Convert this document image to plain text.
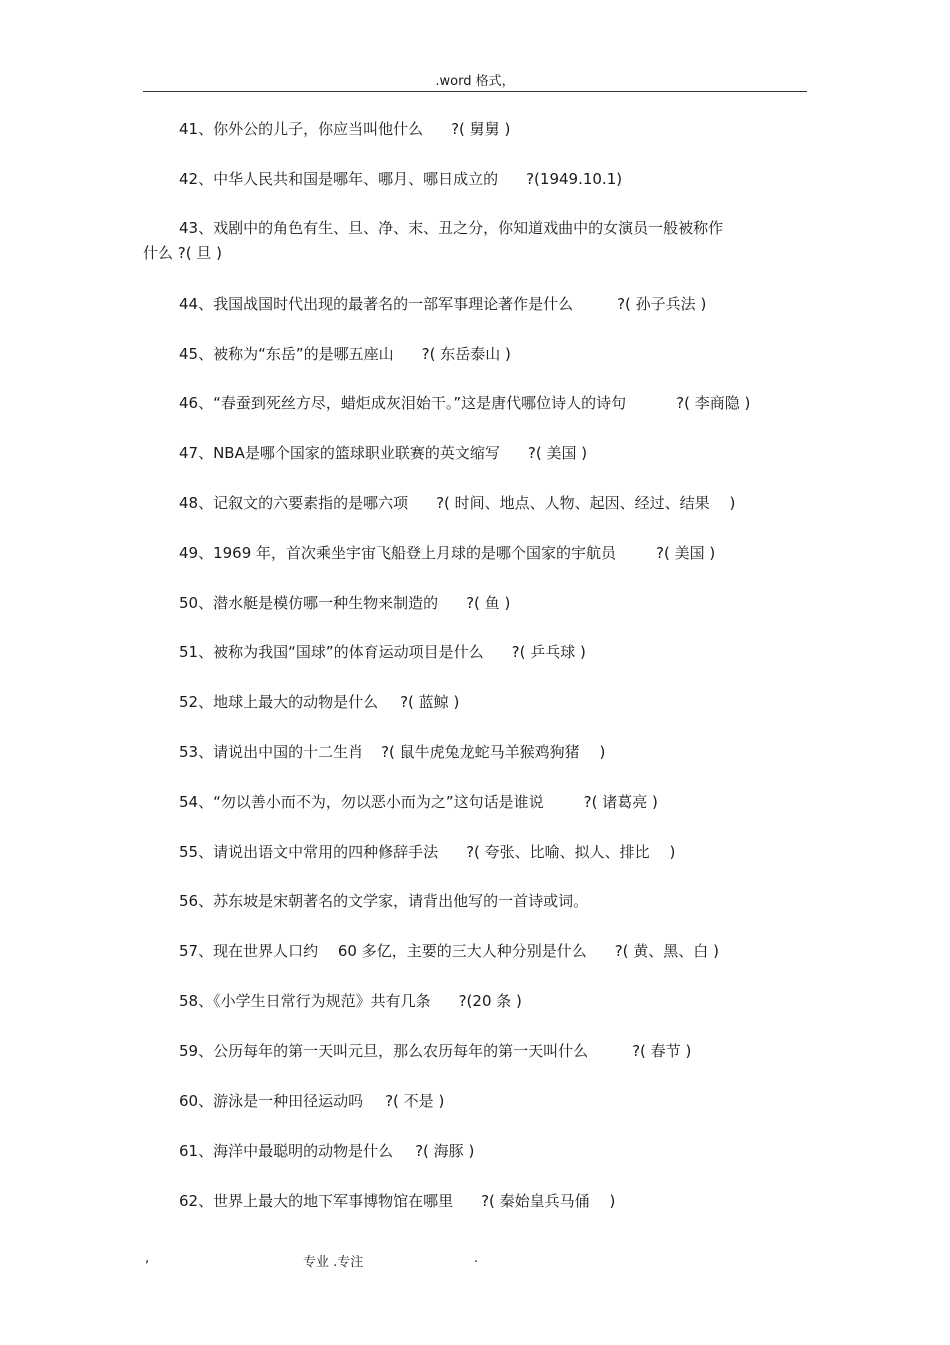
.word 格式，
41、你外公的儿子，你应当叫他什么 ?( 舅舅 )
42、中华人民共和国是哪年、哪月、哪日成立的 ?(1949.10.1)
43、戏剧中的角色有生、旦、净、末、丑之分，你知道戏曲中的女演员一般被称作
什么 ?( 旦 )
44、我国战国时代出现的最著名的一部军事理论著作是什么	?( 孙子兵法 )
45、被称为“东岳”的是哪五座山 ?( 东岳泰山 )
46、“春蚕到死丝方尽，蜡炬成灰泪始干。”这是唐代哪位诗人的诗句	?( 李商隐 )
47、NBA是哪个国家的篮球职业联赛的英文缩写 ?( 美国 )
48、记叙文的六要素指的是哪六项 ?( 时间、地点、人物、起因、经过、结果 　)
49、1969 年，首次乘坐宇宙飞船登上月球的是哪个国家的宇航员	?( 美国 )
50、潜水艇是模仿哪一种生物来制造的 ?( 鱼 )
51、被称为我国“国球”的体育运动项目是什么 ?( 乒乓球 )
52、地球上最大的动物是什么 ?( 蓝鲸 )
53、请说出中国的十二生肖 ?( 鼠牛虎兔龙蛇马羊猴鸡狗猪 　)
54、“勿以善小而不为，勿以恶小而为之”这句话是谁说	?( 诸葛亮 )
55、请说出语文中常用的四种修辞手法 ?( 夸张、比喻、拟人、排比 　)
56、苏东坡是宋朝著名的文学家，请背出他写的一首诗或词。
57、现在世界人口约 　60 多亿，主要的三大人种分别是什么 ?( 黄、黑、白 )
58、《小学生日常行为规范》共有几条 ?(20 条 )
59、公历每年的第一天叫元旦，那么农历每年的第一天叫什么	?( 春节 )
60、游泳是一种田径运动吗 ?( 不是 )
61、海洋中最聪明的动物是什么 ?( 海豚 )
62、世界上最大的地下军事博物馆在哪里 ?( 秦始皇兵马俑 　)
,	专业 .专注	.
